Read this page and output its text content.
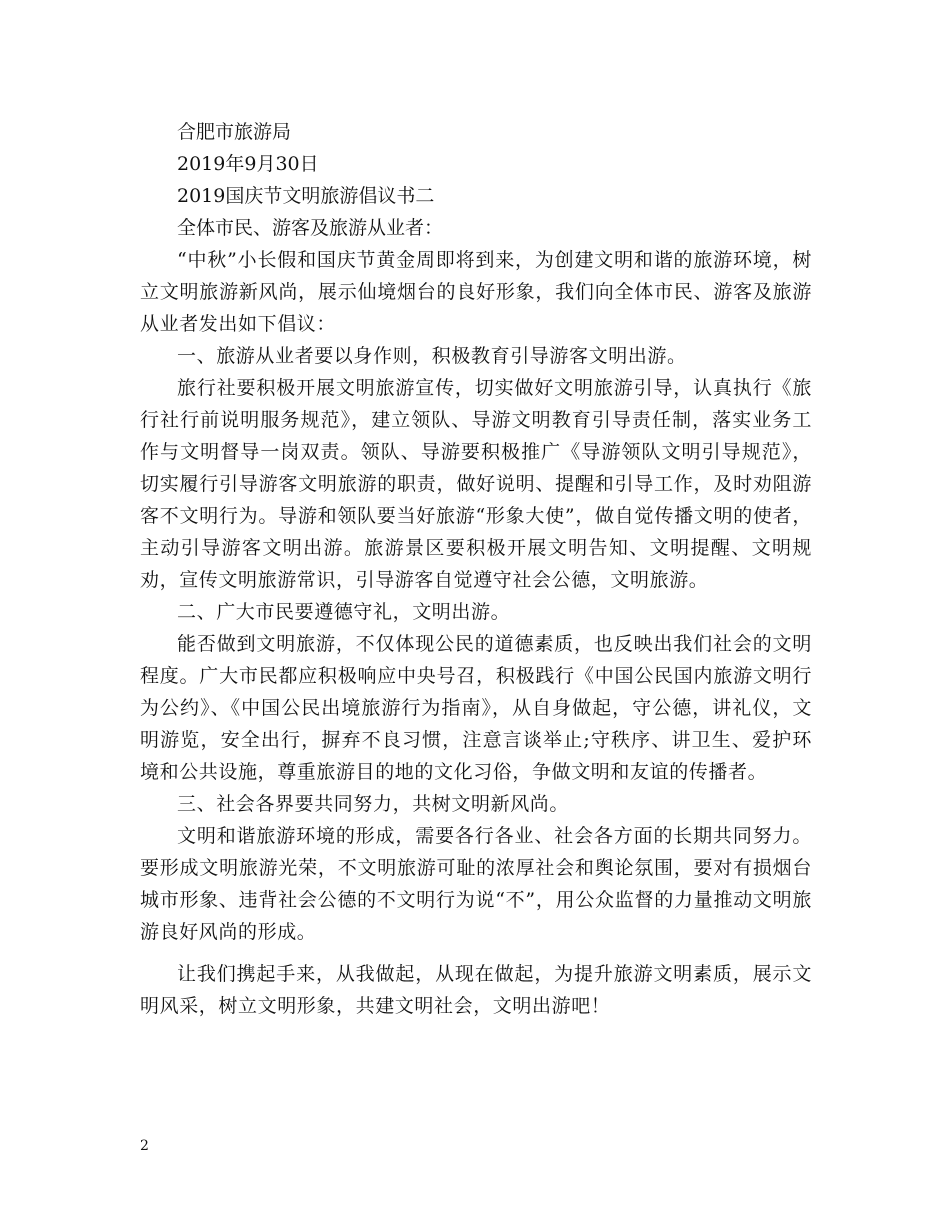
合肥市旅游局

2019年9月30日

2019国庆节文明旅游倡议书二

全体市民、游客及旅游从业者：

“中秋”小长假和国庆节黄金周即将到来，为创建文明和谐的旅游环境，树立文明旅游新风尚，展示仙境烟台的良好形象，我们向全体市民、游客及旅游从业者发出如下倡议：

一、旅游从业者要以身作则，积极教育引导游客文明出游。

旅行社要积极开展文明旅游宣传，切实做好文明旅游引导，认真执行《旅行社行前说明服务规范》，建立领队、导游文明教育引导责任制，落实业务工作与文明督导一岗双责。领队、导游要积极推广《导游领队文明引导规范》，切实履行引导游客文明旅游的职责，做好说明、提醒和引导工作，及时劝阻游客不文明行为。导游和领队要当好旅游“形象大使”，做自觉传播文明的使者，主动引导游客文明出游。旅游景区要积极开展文明告知、文明提醒、文明规劝，宣传文明旅游常识，引导游客自觉遵守社会公德，文明旅游。

二、广大市民要遵德守礼，文明出游。

能否做到文明旅游，不仅体现公民的道德素质，也反映出我们社会的文明程度。广大市民都应积极响应中央号召，积极践行《中国公民国内旅游文明行为公约》、《中国公民出境旅游行为指南》，从自身做起，守公德，讲礼仪，文明游览，安全出行，摒弃不良习惯，注意言谈举止;守秩序、讲卫生、爱护环境和公共设施，尊重旅游目的地的文化习俗，争做文明和友谊的传播者。

三、社会各界要共同努力，共树文明新风尚。

文明和谐旅游环境的形成，需要各行各业、社会各方面的长期共同努力。要形成文明旅游光荣，不文明旅游可耻的浓厚社会和舆论氛围，要对有损烟台城市形象、违背社会公德的不文明行为说“不”，用公众监督的力量推动文明旅游良好风尚的形成。

让我们携起手来，从我做起，从现在做起，为提升旅游文明素质，展示文明风采，树立文明形象，共建文明社会，文明出游吧！

2
